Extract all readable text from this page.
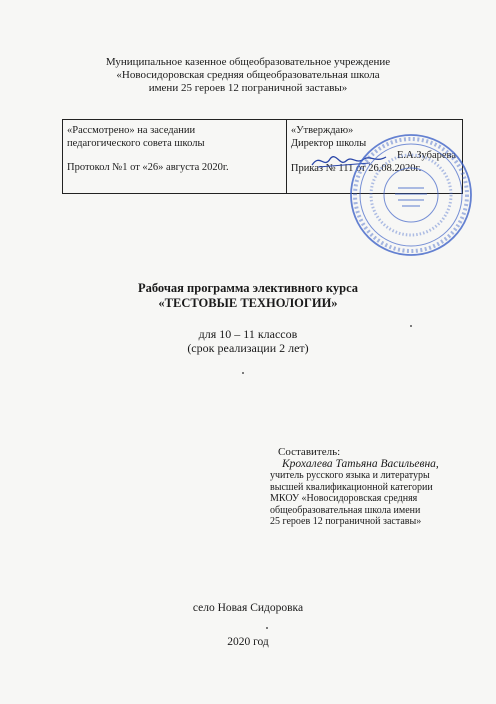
Муниципальное казенное общеобразовательное учреждение
«Новосидоровская средняя общеобразовательная школа
имени 25 героев 12 пограничной заставы»
«Рассмотрено» на заседании
педагогического совета школы
Протокол №1 от «26» августа 2020г.
«Утверждаю»
Директор школы
Е.А.Зубарева
Приказ № 111 от 26.08.2020г.
Рабочая программа элективного курса
«ТЕСТОВЫЕ ТЕХНОЛОГИИ»
для 10 – 11 классов
(срок реализации 2 лет)
Составитель:
Крохалева Татьяна Васильевна,
учитель русского языка и литературы
высшей квалификационной категории
МКОУ «Новосидоровская средняя
общеобразовательная школа имени
25 героев 12 пограничной заставы»
село Новая Сидоровка
2020 год
